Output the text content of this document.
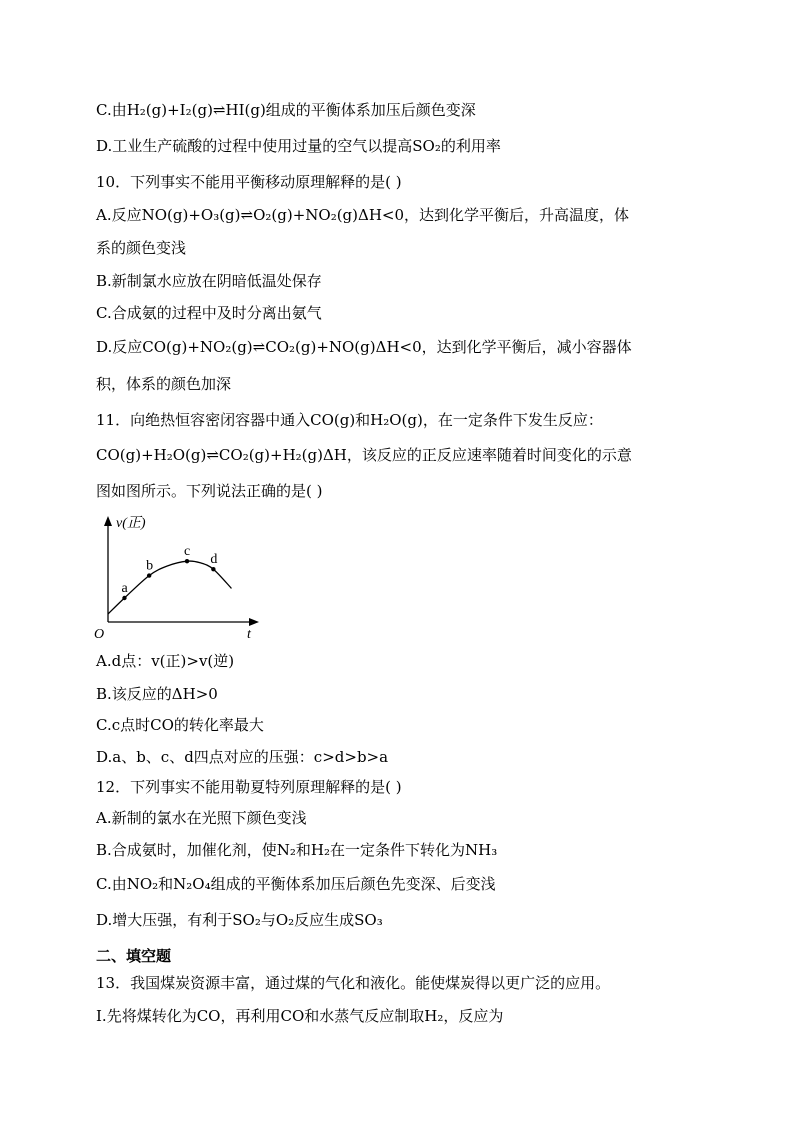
C.由H₂(g)+I₂(g)⇌HI(g)组成的平衡体系加压后颜色变深
D.工业生产硫酸的过程中使用过量的空气以提高SO₂的利用率
10．下列事实不能用平衡移动原理解释的是( )
A.反应NO(g)+O₃(g)⇌O₂(g)+NO₂(g)ΔH<0，达到化学平衡后，升高温度，体
系的颜色变浅
B.新制氯水应放在阴暗低温处保存
C.合成氨的过程中及时分离出氨气
D.反应CO(g)+NO₂(g)⇌CO₂(g)+NO(g)ΔH<0，达到化学平衡后，减小容器体
积，体系的颜色加深
11．向绝热恒容密闭容器中通入CO(g)和H₂O(g)，在一定条件下发生反应：
CO(g)+H₂O(g)⇌CO₂(g)+H₂(g)ΔH，该反应的正反应速率随着时间变化的示意
图如图所示。下列说法正确的是( )
A.d点：v(正)>v(逆)
B.该反应的ΔH>0
C.c点时CO的转化率最大
D.a、b、c、d四点对应的压强：c>d>b>a
12．下列事实不能用勒夏特列原理解释的是( )
A.新制的氯水在光照下颜色变浅
B.合成氨时，加催化剂，使N₂和H₂在一定条件下转化为NH₃
C.由NO₂和N₂O₄组成的平衡体系加压后颜色先变深、后变浅
D.增大压强，有利于SO₂与O₂反应生成SO₃
二、填空题
13．我国煤炭资源丰富，通过煤的气化和液化。能使煤炭得以更广泛的应用。
I.先将煤转化为CO，再利用CO和水蒸气反应制取H₂，反应为
v(正)
t
O
a
b
c
d
